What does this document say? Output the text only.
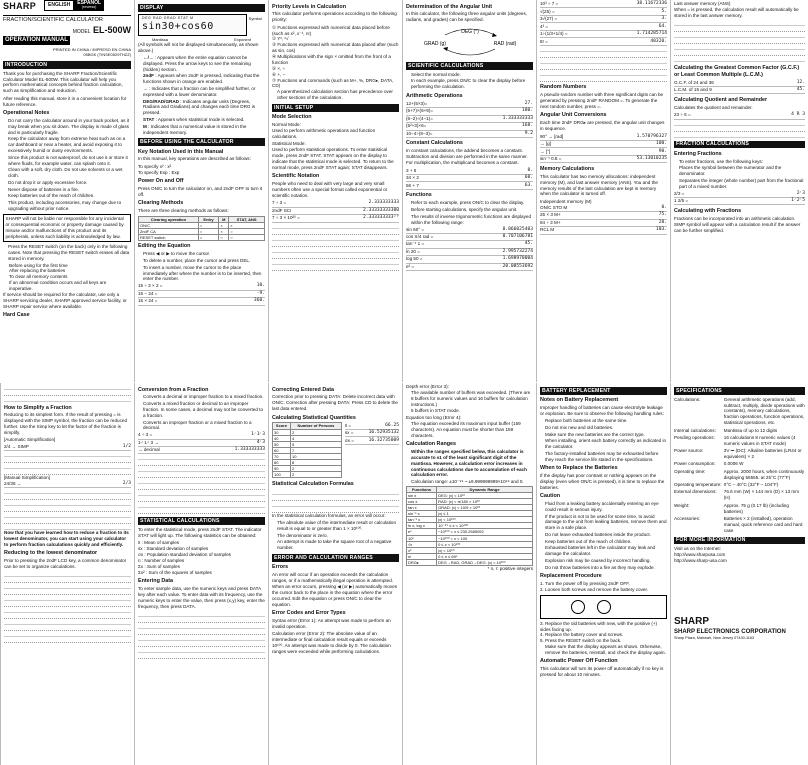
SHARP	ENGLISH	ESPAÑOL
(reverso)
FRACTION/SCIENTIFIC CALCULATOR
MODEL EL-500W
OPERATION MANUAL
PRINTED IN CHINA / IMPRESO EN CHINA
05BGK (TINSE0529THZZ)
INTRODUCTION

Thank you for purchasing the SHARP Fraction/Scientific Calculator Model EL-500W. This calculator will help you perform mathematical concepts behind fraction calculation, such as simplification and reduction.

After reading this manual, store it in a convenient location for future reference.

Operational Notes
• Do not carry the calculator around in your back pocket, as it may break when you sit down. The display is made of glass and is particularly fragile.
• Keep the calculator away from extreme heat such as on a car dashboard or near a heater, and avoid exposing it to excessively humid or dusty environments.
• Since this product is not waterproof, do not use it or store it where fluids, for example water, can splash onto it.
• Clean with a soft, dry cloth. Do not use solvents or a wet cloth.
• Do not drop it or apply excessive force.
• Never dispose of batteries in a fire.
• Keep batteries out of the reach of children.
• This product, including accessories, may change due to upgrading without prior notice.
SHARP will not be liable nor responsible for any incidental or consequential economic or property damage caused by misuse and/or malfunctions of this product and its peripherals, unless such liability is acknowledged by law.
• Press the RESET switch (on the back) only in the following cases. Note that pressing the RESET switch erases all data stored in memory.
Before using for the first time
After replacing the batteries
To clear all memory contents
If an abnormal condition occurs and all keys are inoperative.

If service should be required for the calculator, use only a SHARP servicing dealer, SHARP approved service facility, or SHARP repair service where available.

Hard Case
DISPLAY
DEG RAD GRAD STAT M
sin30+cos60
Symbol
Mantissa	Exponent

(All symbols will not be displayed simultaneously, as shown above.)

• ←/→ : Appears when the entire equation cannot be displayed. Press the arrow keys to see the remaining (hidden) section.
• 2ndF : Appears when 2ndF is pressed, indicating that the functions shown in orange are enabled.
• → : Indicates that a fraction can be simplified further, or expressed with a lower denominator.
• DEG/RAD/GRAD : Indicates angular units (Degrees, Radians and Gradians) and changes each time DRG is pressed.
• STAT : Appears when statistical mode is selected.
• M : Indicates that a numerical value is stored in the independent memory.
BEFORE USING THE CALCULATOR
Key Notation Used in this Manual

In this manual, key operations are described as follows:

To specify x² : x²
To specify Exp : Exp
Power On and Off

Press ON/C to turn the calculator on, and 2ndF OFF to turn it off.

Clearing Methods

There are three clearing methods as follows:

Clearing operation	Entry	M	STAT, ANS
ON/C	○	×	×
2ndF CA	○	×	○
RESET switch	○	○	○
Editing the Equation
• Press ◀ or ▶ to move the cursor.
• To delete a number, place the cursor and press DEL.
• To insert a number, move the cursor to the place immediately after where the number is to be inserted, then enter the number.
15 ÷ 3 × 2 =	10.
15 − 24 =	-9.
15 × 24 =	360.
Priority Levels in Calculation

This calculator performs operations according to the following priority:

① Functions expressed with numerical data placed before (such as x², x⁻¹, n!)
② Yˣ, ˣ√
③ Functions expressed with numerical data placed after (such as sin, cos)
④ Multiplications with the sign × omitted from the front of a function
⑤ ×, ÷
⑥ +, −
⑦ Functions and commands (such as M+, %, DRG▸, DATA, CD)
• A parenthesized calculation section has precedence over other sections of the calculation.
INITIAL SETUP
Mode Selection
Normal Mode:

Used to perform arithmetic operations and function calculations.

Statistical Mode:

Used to perform statistical operations. To enter statistical mode, press 2ndF STAT. STAT appears on the display to indicate that the statistical mode is selected. To return to the normal mode, press 2ndF STAT again; STAT disappears.

Scientific Notation

People who need to deal with very large and very small numbers often use a special format called exponential or scientific notation.

7 ÷ 3 =	2.333333333
2ndF SCI	2.33333333300
7 ÷ 3 × 10²⁰ =	2.333333333²⁰
Determination of the Angular Unit

In this calculator, the following three angular units (degrees, radians, and grades) can be specified.

DEG (°)
GRAD (g)	RAD (rad)
SCIENTIFIC CALCULATIONS
• Select the normal mode.
• In each example, press ON/C to clear the display before performing the calculation.
Arithmetic Operations
12+(5×3)=	27.
(5+7)×(6+9)=	180.
(6−2)÷(4−1)=	1.333333333
(5²+3)×6=	168.
10−4÷(8−3)=	9.2
Constant Calculations

In constant calculations, the addend becomes a constant. Subtraction and division are performed in the same manner. For multiplication, the multiplicand becomes a constant.

3 + 5	8.
34 × 2	68.
56 + 7	63.
Functions
• Refer to each example, press ON/C to clear the display.
• Before starting calculations, specify the angular unit.
• The results of inverse trigonometric functions are displayed within the following range:
sin 60° =	0.866025403
cos π/4 rad =	0.707106781
tan⁻¹ 1 =	45.
ln 20 =	2.995732274
log 50 =	1.698970004
e³ =	20.08553692
10³ ÷ 7 =	38.11672336
√(25) =	5.
3√(27) =	3.
4³ =	64.
1÷(1/3+1/4) =	1.714285714
8! =	40320.
Random Numbers

A pseudo-random number with three significant digits can be generated by pressing 2ndF RANDOM =. To generate the next random number, press =.

Angular Unit Conversions

Each time 2ndF DRG▸ are pressed, the angular unit changes in sequence.

90° → [rad]	1.570796327
→ [g]	100.
→ [°]	90.
sin⁻¹ 0.8 =	53.13010235
Memory Calculations

This calculator has two memory allocations: independent memory (M), and last answer memory (ANS). You and the memory results of the last calculation are kept in memory when the calculator is turned off.

Independent memory (M)
ON/C STO M	0.
25 × 3 M+	75.
84 ÷ 3 M+	28.
RCL M	103.
Last answer memory (ANS)

When = is pressed, the calculation result will automatically be stored in the last answer memory.

Calculating the Greatest Common Factor (G.C.F.) or Least Common Multiple (L.C.M.)
G.C.F. of 24 and 36	12.
L.C.M. of 15 and 9	45.
Calculating Quotient and Remainder

Calculates the quotient and remainder.

23 ÷ 5 =	4 R 3
FRACTION CALCULATIONS
Entering Fractions
• To enter fractions, use the following keys:
• Places the symbol between the numerator and the denominator.
• Separates the integer (whole number) part from the fractional part of a mixed number.
2/3 =	2⌏3
1 2/5 =	1⌏2⌏5
Calculating with Fractions

Fractions can be incorporated into an arithmetic calculation. SIMP symbol will appear with a calculation result if the answer can be further simplified.

How to Simplify a Fraction

Reducing to its simplest form. If the result of pressing = is displayed with the SIMP symbol, the fraction can be reduced further. Use the Simp key to let the factor of the fraction is simplify.

[Automatic Simplification]
2/4 → SIMP	1/2
[Manual Simplification]
24/36 →	2/3

Now that you have learned how to reduce a fraction to its lowest denominator, you can start using your calculator to perform fraction calculations quickly and efficiently.

Reducing to the lowest denominator

Prior to pressing the 2ndF LCD key, a common denominator can be set to organize calculations.

Conversion from a Fraction
• Converts a decimal or improper fraction to a mixed fraction.
• Converts a mixed fraction or decimal to an improper fraction. In some cases, a decimal may not be converted to a fraction.
• Converts an improper fraction or a mixed fraction to a decimal.
4 ÷ 3 =	1⌏1⌏3
1⌏1⌏3 →	4⌏3
→ decimal	1.333333333
STATISTICAL CALCULATIONS

To enter the statistical mode, press 2ndF STAT. The indicator STAT will light up. The following statistics can be obtained:

x̄ : Mean of samples
sx : Standard deviation of samples
σx : Population standard deviation of samples
n : Number of samples
Σx : Sum of samples
Σx² : Sum of the squares of samples
Entering Data

To enter sample data, use the numeric keys and press DATA key after each value. To enter data with its frequency, use the numeric keys to enter the value, then press (x,y) key, enter the frequency, then press DATA.

Correcting Entered Data

Correction prior to pressing DATA: Delete incorrect data with ON/C. Correction after pressing DATA: Press CD to delete the last data entered.

Calculating Statistical Quantities
Score	Number of Persons
30	2
40	4
50	5
60	7
70	10
80	8
90	2
100	2
x̄ =	66.25
sx =	16.52935132
σx =	16.32735009
Statistical Calculation Formulas

In the statistical calculation formulas, an error will occur:

• The absolute value of the intermediate result or calculation result is equal to or greater than 1 × 10¹⁰⁰.
• The denominator is zero.
• An attempt is made to take the square root of a negative number.
ERROR AND CALCULATION RANGES
Errors

An error will occur if an operation exceeds the calculation ranges, or if a mathematically illegal operation is attempted. When an error occurs, pressing ◀ (or ▶) automatically moves the cursor back to the place in the equation where the error occurred. Edit the equation or press ON/C to clear the equation.

Error Codes and Error Types

Syntax error (Error 1): An attempt was made to perform an invalid operation.

Calculation error (Error 2): The absolute value of an intermediate or final calculation result equals or exceeds 10¹⁰⁰. An attempt was made to divide by 0. The calculation ranges were exceeded while performing calculations.

Depth error (Error 3):
• The available number of buffers was exceeded. (There are 8 buffers for numeric values and 16 buffers for calculation instructions.)
• 5 buffers in STAT mode.
Equation too long (Error 4):
• The equation exceeded its maximum input buffer (159 characters). An equation must be shorter than 159 characters.
Calculation Ranges
• Within the ranges specified below, this calculator is accurate to ±1 of the least significant digit of the mantissa. However, a calculation error increases in continuous calculations due to accumulation of each calculation error.
• Calculation range: ±10⁻⁹⁹ ~ ±9.999999999×10⁹⁹ and 0.
Functions	Dynamic Range
sin x	DEG: |x| < 10¹⁰
cos x	RAD: |x| < π/180 × 10¹⁰
tan x	GRAD: |x| < 10/9 × 10¹⁰
sin⁻¹ x	|x| ≤ 1
tan⁻¹ x	|x| < 10¹⁰⁰
ln x, log x	10⁻⁹⁹ ≤ x < 10¹⁰⁰
eˣ	−10¹⁰⁰ < x ≤ 230.2585092
10ˣ	−10¹⁰⁰ < x < 100
√x	0 ≤ x < 10¹⁰⁰
x²	|x| < 10⁵⁰
n!	0 ≤ n ≤ 69*
DRG▸	DEG→RAD, GRAD→DEG: |x| < 10¹⁰⁰
* n, r: positive integers
BATTERY REPLACEMENT
Notes on Battery Replacement

Improper handling of batteries can cause electrolyte leakage or explosion. Be sure to observe the following handling rules:

• Replace both batteries at the same time.
• Do not mix new and old batteries.
• Make sure the new batteries are the correct type.
• When installing, orient each battery correctly as indicated in the calculator.
• The factory-installed batteries may be exhausted before they reach the service life stated in the specifications.
When to Replace the Batteries

If the display has poor contrast or nothing appears on the display (even when ON/C is pressed), it is time to replace the batteries.

Caution
• Fluid from a leaking battery accidentally entering an eye could result in serious injury.
• If the product is not to be used for some time, to avoid damage to the unit from leaking batteries, remove them and store in a safe place.
• Do not leave exhausted batteries inside the product.
• Keep batteries out of the reach of children.
• Exhausted batteries left in the calculator may leak and damage the calculator.
• Explosion risk may be caused by incorrect handling.
• Do not throw batteries into a fire as they may explode.
Replacement Procedure
1. Turn the power off by pressing 2ndF OFF.
2. Loosen both screws and remove the battery cover.
3. Replace the old batteries with new, with the positive (+) sides facing up.
4. Replace the battery cover and screws.
5. Press the RESET switch on the back.
• Make sure that the display appears as shown. Otherwise, remove the batteries, reinstall, and check the display again.
Automatic Power Off Function

This calculator will turn its power off automatically if no key is pressed for about 10 minutes.

SPECIFICATIONS
Calculations:	General arithmetic operations (add, subtract, multiply, divide operations with constants), memory calculations, fraction operations, function operations, statistical operations, etc.
Internal calculations:	Mantissa of up to 12 digits
Pending operations:	16 calculations 8 numeric values (4 numeric values in STAT mode)
Power source:	3V ⎓ (DC): Alkaline batteries (LR44 or equivalent) × 2
Power consumption:	0.0006 W
Operating time:	Approx. 2000 hours, when continuously displaying 55555. at 25°C (77°F)
Operating temperature: 0°C – 40°C (32°F – 104°F)
External dimensions:	76.6 mm (W) × 144 mm (D) × 13 mm (H)
Weight:	Approx. 75 g (0.17 lb) (including batteries)
Accessories:	Batteries × 2 (installed), operation manual, quick reference card and hard case
FOR MORE INFORMATION
Visit us on the Internet:
http://www.sharpusa.com
http://www.sharp-usa.com
SHARP
SHARP ELECTRONICS CORPORATION
Sharp Plaza, Mahwah, New Jersey 07430-1163
